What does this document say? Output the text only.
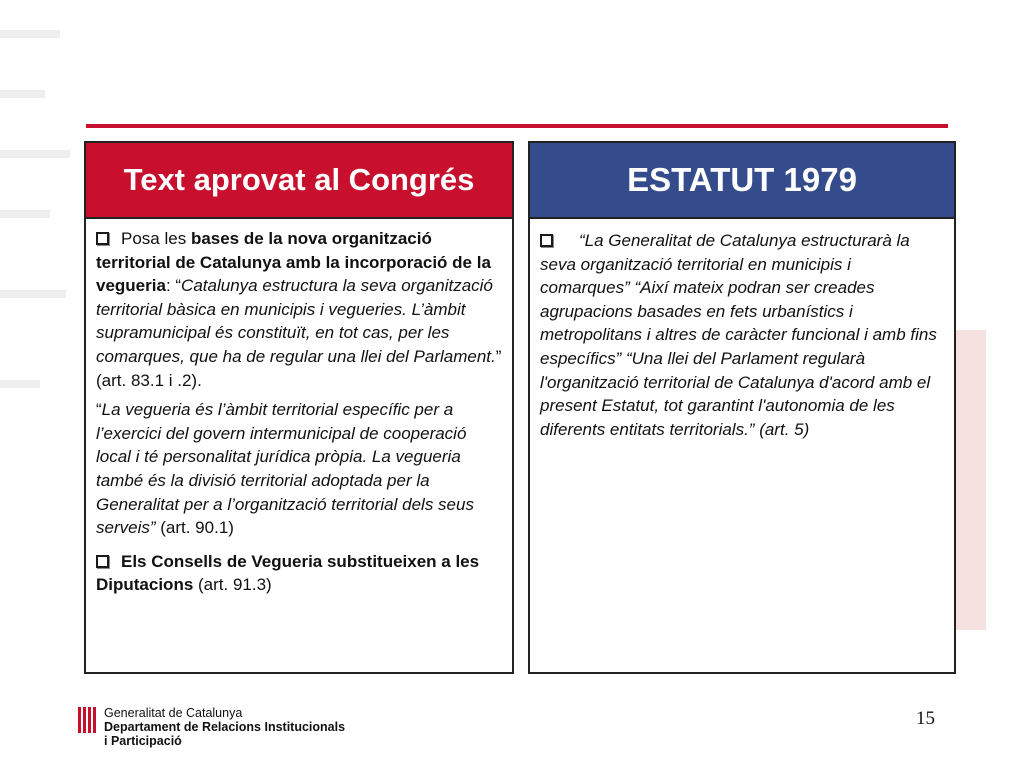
Text aprovat al Congrés

Posa les bases de la nova organització territorial de Catalunya amb la incorporació de la vegueria: “Catalunya estructura la seva organització territorial bàsica en municipis i vegueries. L’àmbit supramunicipal és constituït, en tot cas, per les comarques, que ha de regular una llei del Parlament.” (art. 83.1 i .2).

“La vegueria és l’àmbit territorial específic per a l’exercici del govern intermunicipal de cooperació local i té personalitat jurídica pròpia. La vegueria també és la divisió territorial adoptada per la Generalitat per a l’organització territorial dels seus serveis” (art. 90.1)

Els Consells de Vegueria substitueixen a les Diputacions (art. 91.3)

ESTATUT 1979

“La Generalitat de Catalunya estructurarà la seva organització territorial en municipis i comarques” “Així mateix podran ser creades agrupacions basades en fets urbanístics i metropolitans i altres de caràcter funcional i amb fins específics” “Una llei del Parlament regularà l'organització territorial de Catalunya d'acord amb el present Estatut, tot garantint l'autonomia de les diferents entitats territorials.” (art. 5)

Generalitat de Catalunya
Departament de Relacions Institucionals
i Participació
15
